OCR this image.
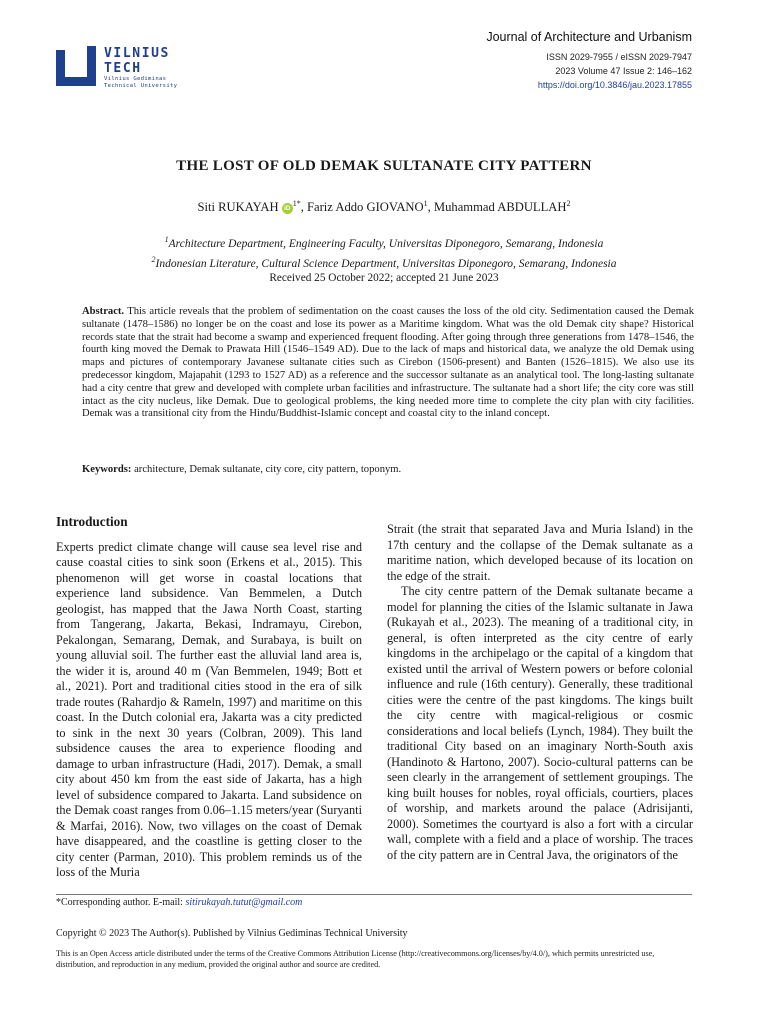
VILNIUS
TECH
Vilnius Gediminas
Technical University
Journal of Architecture and Urbanism
ISSN 2029-7955 / eISSN 2029-7947
2023 Volume 47 Issue 2: 146–162
https://doi.org/10.3846/jau.2023.17855
THE LOST OF OLD DEMAK SULTANATE CITY PATTERN
Siti RUKAYAH $iD^{1*}$, Fariz Addo GIOVANO$^1$, Muhammad ABDULLAH$^2$
$^1$Architecture Department, Engineering Faculty, Universitas Diponegoro, Semarang, Indonesia
$^2$Indonesian Literature, Cultural Science Department, Universitas Diponegoro, Semarang, Indonesia
Received 25 October 2022; accepted 21 June 2023

Abstract. This article reveals that the problem of sedimentation on the coast causes the loss of the old city. Sedimentation caused the Demak sultanate (1478–1586) no longer be on the coast and lose its power as a Maritime kingdom. What was the old Demak city shape? Historical records state that the strait had become a swamp and experienced frequent flooding. After going through three generations from 1478–1546, the fourth king moved the Demak to Prawata Hill (1546–1549 AD). Due to the lack of maps and historical data, we analyze the old Demak using maps and pictures of contemporary Javanese sultanate cities such as Cirebon (1506-present) and Banten (1526–1815). We also use its predecessor kingdom, Majapahit (1293 to 1527 AD) as a reference and the successor sultanate as an analytical tool. The long-lasting sultanate had a city centre that grew and developed with complete urban facilities and infrastructure. The sultanate had a short life; the city core was still intact as the city nucleus, like Demak. Due to geological problems, the king needed more time to complete the city plan with city facilities. Demak was a transitional city from the Hindu/Buddhist-Islamic concept and coastal city to the inland concept.

Keywords: architecture, Demak sultanate, city core, city pattern, toponym.

Introduction

Experts predict climate change will cause sea level rise and cause coastal cities to sink soon (Erkens et al., 2015). This phenomenon will get worse in coastal locations that experience land subsidence. Van Bemmelen, a Dutch geologist, has mapped that the Jawa North Coast, starting from Tangerang, Jakarta, Bekasi, Indramayu, Cirebon, Pekalongan, Semarang, Demak, and Surabaya, is built on young alluvial soil. The further east the alluvial land area is, the wider it is, around 40 m (Van Bemmelen, 1949; Bott et al., 2021). Port and traditional cities stood in the era of silk trade routes (Rahardjo & Rameln, 1997) and maritime on this coast. In the Dutch colonial era, Jakarta was a city predicted to sink in the next 30 years (Colbran, 2009). This land subsidence causes the area to experience flooding and damage to urban infrastructure (Hadi, 2017). Demak, a small city about 450 km from the east side of Jakarta, has a high level of subsidence compared to Jakarta. Land subsidence on the Demak coast ranges from 0.06–1.15 meters/year (Suryanti & Marfai, 2016). Now, two villages on the coast of Demak have disappeared, and the coastline is getting closer to the city center (Parman, 2010). This problem reminds us of the loss of the Muria

Strait (the strait that separated Java and Muria Island) in the 17th century and the collapse of the Demak sultanate as a maritime nation, which developed because of its location on the edge of the strait.

The city centre pattern of the Demak sultanate became a model for planning the cities of the Islamic sultanate in Jawa (Rukayah et al., 2023). The meaning of a traditional city, in general, is often interpreted as the city centre of early kingdoms in the archipelago or the capital of a kingdom that existed until the arrival of Western powers or before colonial influence and rule (16th century). Generally, these traditional cities were the centre of the past kingdoms. The kings built the city centre with magical-religious or cosmic considerations and local beliefs (Lynch, 1984). They built the traditional City based on an imaginary North-South axis (Handinoto & Hartono, 2007). Socio-cultural patterns can be seen clearly in the arrangement of settlement groupings. The king built houses for nobles, royal officials, courtiers, places of worship, and markets around the palace (Adrisijanti, 2000). Sometimes the courtyard is also a fort with a circular wall, complete with a field and a place of worship. The traces of the city pattern are in Central Java, the originators of the

*Corresponding author. E-mail: sitirukayah.tutut@gmail.com
Copyright © 2023 The Author(s). Published by Vilnius Gediminas Technical University
This is an Open Access article distributed under the terms of the Creative Commons Attribution License (http://creativecommons.org/licenses/by/4.0/), which permits unrestricted use, distribution, and reproduction in any medium, provided the original author and source are credited.
